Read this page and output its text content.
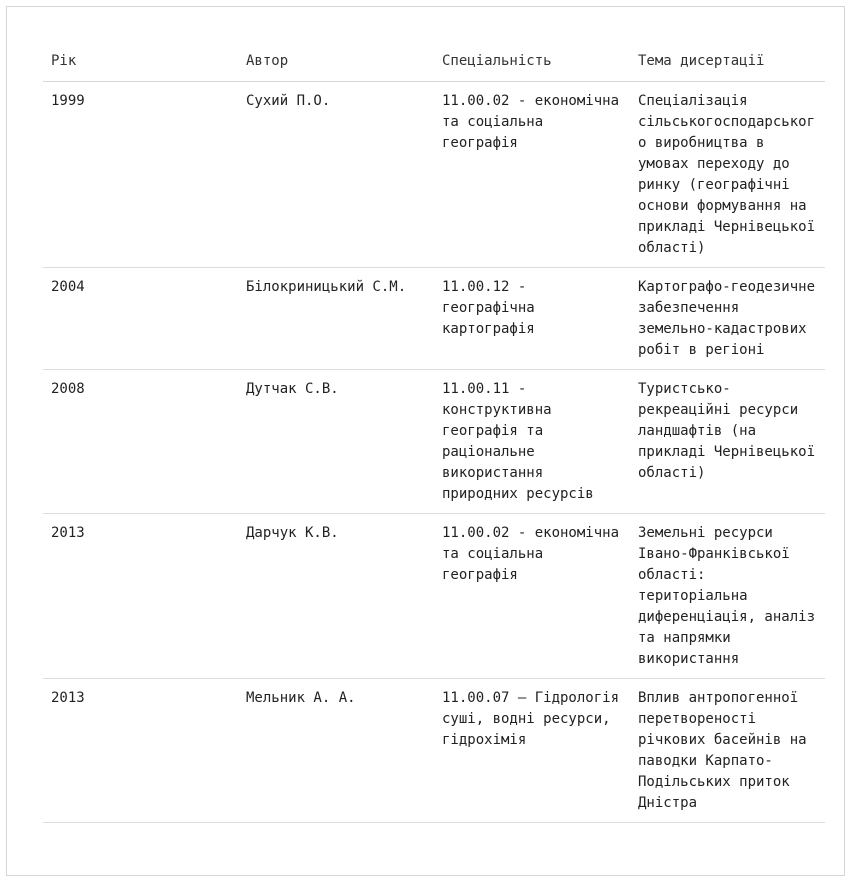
Рік	Автор	Спеціальність	Тема дисертації
1999	Сухий П.О.	11.00.02 - економічна та соціальна географія	Спеціалізація сільськогосподарського виробництва в умовах переходу до ринку (географічні основи формування на прикладі Чернівецької області)
2004	Білокриницький С.М.	11.00.12 - географічна картографія	Картографо-геодезичне забезпечення земельно-кадастрових робіт в регіоні
2008	Дутчак С.В.	11.00.11 - конструктивна географія та раціональне використання природних ресурсів	Туристсько-рекреаційні ресурси ландшафтів (на прикладі Чернівецької області)
2013	Дарчук К.В.	11.00.02 - економічна та соціальна географія	Земельні ресурси Івано-Франківської області: територіальна диференціація, аналіз та напрямки використання
2013	Мельник А. А.	11.00.07 – Гідрологія суші, водні ресурси, гідрохімія	Вплив антропогенної перетвореності річкових басейнів на паводки Карпато-Подільських приток Дністра
